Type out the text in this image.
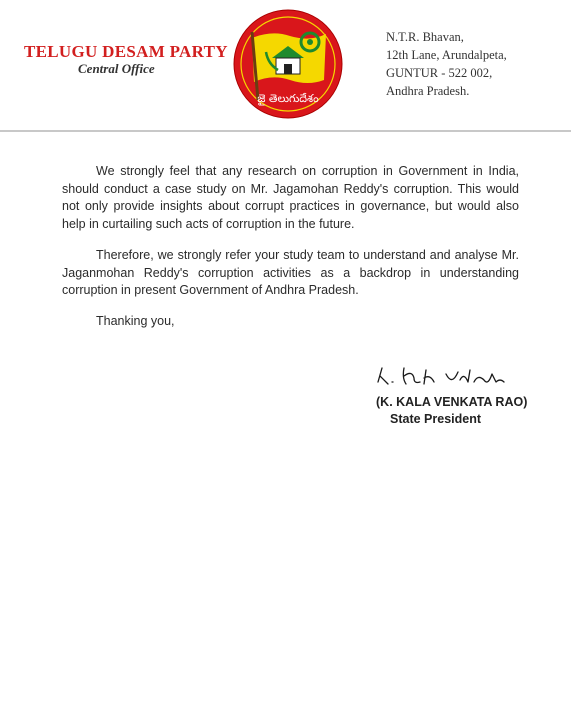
TELUGU DESAM PARTY
Central Office
జై తెలుగుదేశం
N.T.R. Bhavan,
12th Lane, Arundalpeta,
GUNTUR - 522 002,
Andhra Pradesh.
We strongly feel that any research on corruption in Government in India, should conduct a case study on Mr. Jagamohan Reddy's corruption. This would not only provide insights about corrupt practices in governance, but would also help in curtailing such acts of corruption in the future.
Therefore, we strongly refer your study team to understand and analyse Mr. Jaganmohan Reddy's corruption activities as a backdrop in understanding corruption in present Government of Andhra Pradesh.
Thanking you,
(K. KALA VENKATA RAO)
State President
